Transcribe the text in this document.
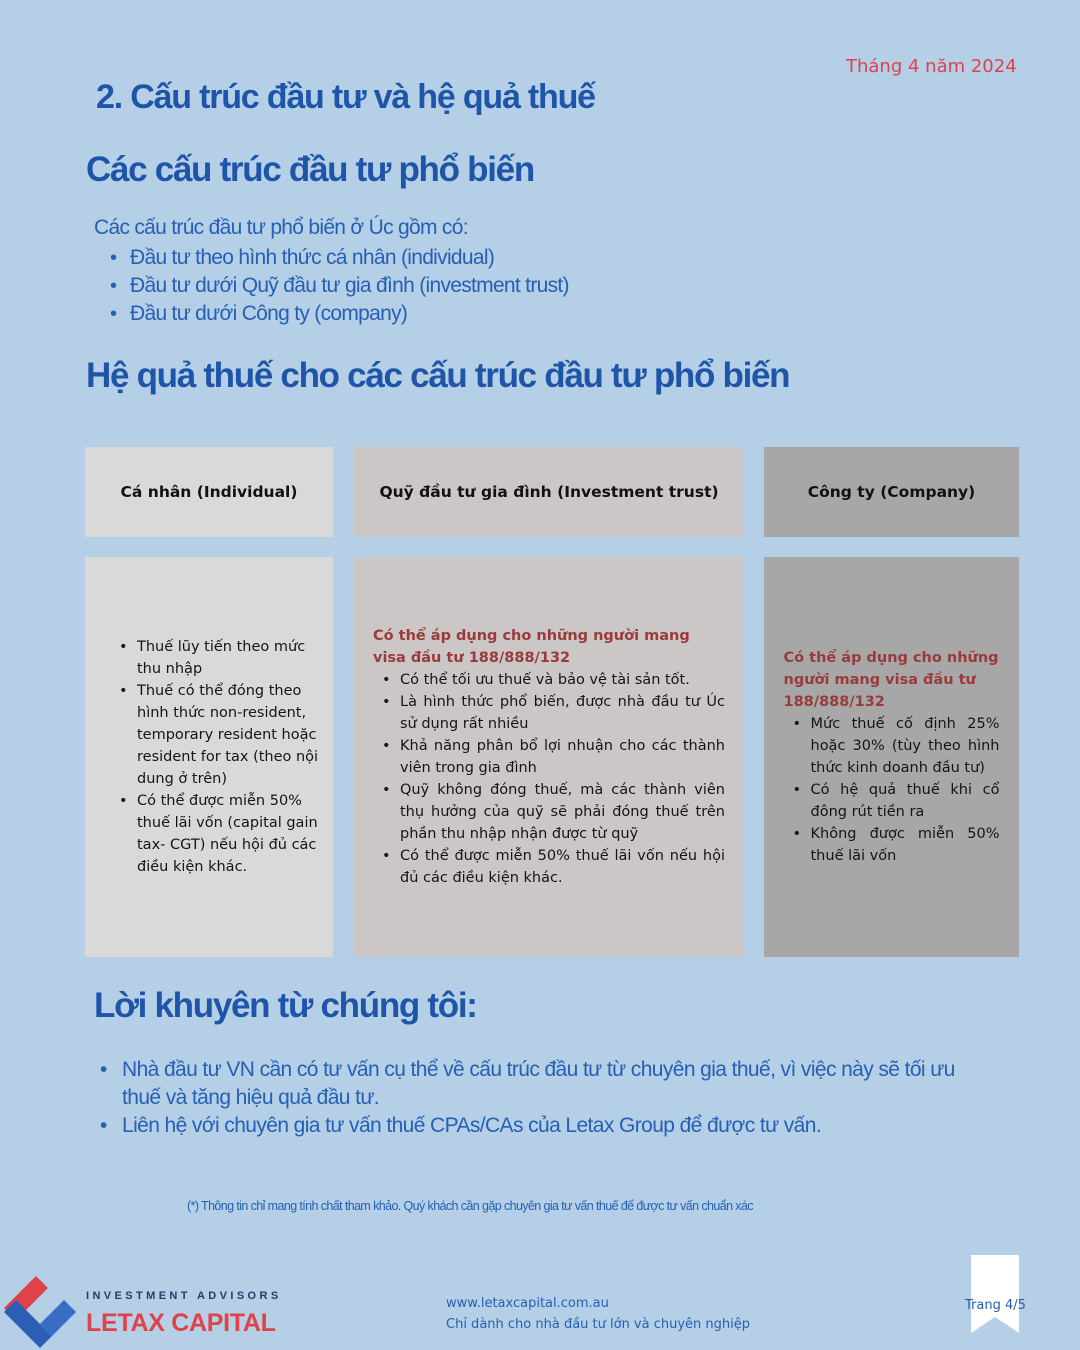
Tháng 4 năm 2024
2. Cấu trúc đầu tư và hệ quả thuế
Các cấu trúc đầu tư phổ biến

Các cấu trúc đầu tư phổ biến ở Úc gồm có:

• Đầu tư theo hình thức cá nhân (individual)
• Đầu tư dưới Quỹ đầu tư gia đình (investment trust)
• Đầu tư dưới Công ty (company)
Hệ quả thuế cho các cấu trúc đầu tư phổ biến
Cá nhân (Individual)	Quỹ đầu tư gia đình (Investment trust)	Công ty (Company)
• Thuế lũy tiến theo mức thu nhập
• Thuế có thể đóng theo hình thức non-resident, temporary resident hoặc resident for tax (theo nội dung ở trên)
• Có thể được miễn 50% thuế lãi vốn (capital gain tax- CGT) nếu hội đủ các điều kiện khác.
Có thể áp dụng cho những người mang visa đầu tư 188/888/132
• Có thể tối ưu thuế và bảo vệ tài sản tốt.
• Là hình thức phổ biến, được nhà đầu tư Úc sử dụng rất nhiều
• Khả năng phân bổ lợi nhuận cho các thành viên trong gia đình
• Quỹ không đóng thuế, mà các thành viên thụ hưởng của quỹ sẽ phải đóng thuế trên phần thu nhập nhận được từ quỹ
• Có thể được miễn 50% thuế lãi vốn nếu hội đủ các điều kiện khác.
Có thể áp dụng cho những người mang visa đầu tư 188/888/132
• Mức thuế cố định 25% hoặc 30% (tùy theo hình thức kinh doanh đầu tư)
• Có hệ quả thuế khi cổ đông rút tiền ra
• Không được miễn 50% thuế lãi vốn
Lời khuyên từ chúng tôi:
• Nhà đầu tư VN cần có tư vấn cụ thể về cấu trúc đầu tư từ chuyên gia thuế, vì việc này sẽ tối ưu thuế và tăng hiệu quả đầu tư.
• Liên hệ với chuyên gia tư vấn thuế CPAs/CAs của Letax Group để được tư vấn.

(*) Thông tin chỉ mang tính chất tham khảo. Quý khách cần gặp chuyên gia tư vấn thuế để được tư vấn chuẩn xác

INVESTMENT ADVISORS
LETAX CAPITAL
www.letaxcapital.com.au
Chỉ dành cho nhà đầu tư lớn và chuyên nghiệp
Trang 4/5
